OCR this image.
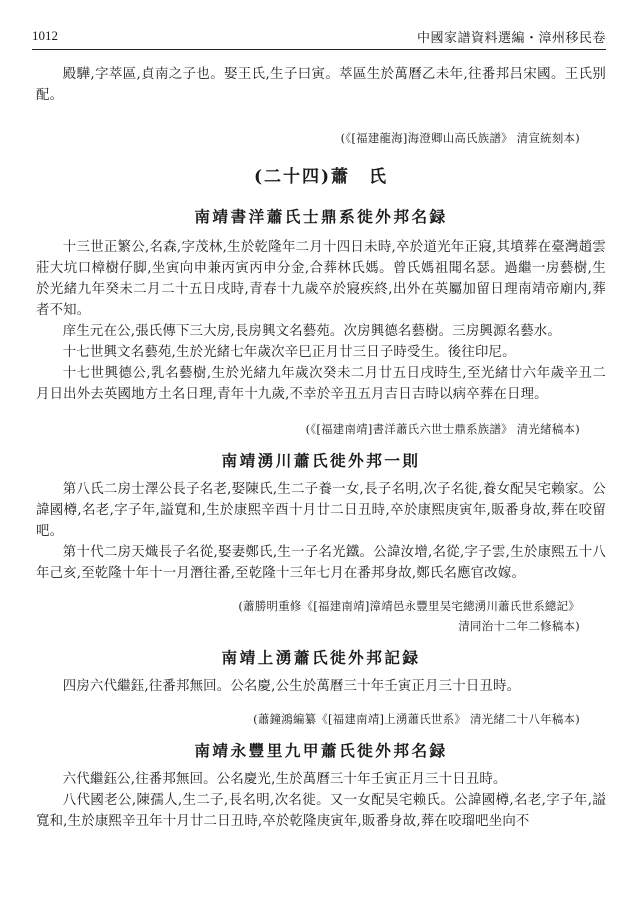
1012	中國家譜資料選編・漳州移民卷

殿驊,字萃區,貞南之子也。娶王氏,生子曰寅。萃區生於萬曆乙未年,往番邦吕宋國。王氏别配。

(《[福建龍海]海澄卿山高氏族譜》 清宣統刻本)

(二十四)蕭　氏
南靖書洋蕭氏士鼎系徙外邦名録

十三世正繁公,名森,字茂林,生於乾隆年二月十四日未時,卒於道光年正寢,其墳葬在臺灣趙雲莊大坑口樟樹仔脚,坐寅向申兼丙寅丙申分金,合葬林氏媽。曾氏媽祖聞名瑟。過繼一房藝樹,生於光緒九年癸未二月二十五日戌時,青春十九歲卒於寢疾終,出外在英屬加留日理南靖帝廟内,葬者不知。

庠生元在公,張氏傳下三大房,長房興文名藝苑。次房興德名藝樹。三房興源名藝水。

十七世興文名藝苑,生於光緒七年歲次辛巳正月廿三日子時受生。後往印尼。

十七世興德公,乳名藝樹,生於光緒九年歲次癸未二月廿五日戌時生,至光緒廿六年歲辛丑二月日出外去英國地方土名日理,青年十九歲,不幸於辛丑五月吉日吉時以病卒葬在日理。

(《[福建南靖]書洋蕭氏六世士鼎系族譜》 清光緒稿本)

南靖湧川蕭氏徙外邦一則

第八氏二房士澤公長子名老,娶陳氏,生二子養一女,長子名明,次子名徙,養女配吴宅赖家。公諱國樽,名老,字子年,謚寬和,生於康熙辛酉十月廿二日丑時,卒於康熙庚寅年,販番身故,葬在咬留吧。

第十代二房天熾長子名從,娶妻鄭氏,生一子名光鐵。公諱汝增,名從,字子雲,生於康熙五十八年己亥,至乾隆十年十一月潛往番,至乾隆十三年七月在番邦身故,鄭氏名應官改嫁。

(蕭勝明重修《[福建南靖]漳靖邑永豐里吴宅總湧川蕭氏世系總記》

清同治十二年二修稿本)

南靖上湧蕭氏徙外邦記録

四房六代繼鈺,往番邦無回。公名慶,公生於萬曆三十年壬寅正月三十日丑時。

(蕭鐘鴻編纂《[福建南靖]上湧蕭氏世系》 清光緒二十八年稿本)

南靖永豐里九甲蕭氏徙外邦名録

六代繼鈺公,往番邦無回。公名慶光,生於萬曆三十年壬寅正月三十日丑時。

八代國老公,陳孺人,生二子,長名明,次名徙。又一女配吴宅赖氏。公諱國樽,名老,字子年,謚寬和,生於康熙辛丑年十月廿二日丑時,卒於乾隆庚寅年,販番身故,葬在咬瑠吧坐向不
